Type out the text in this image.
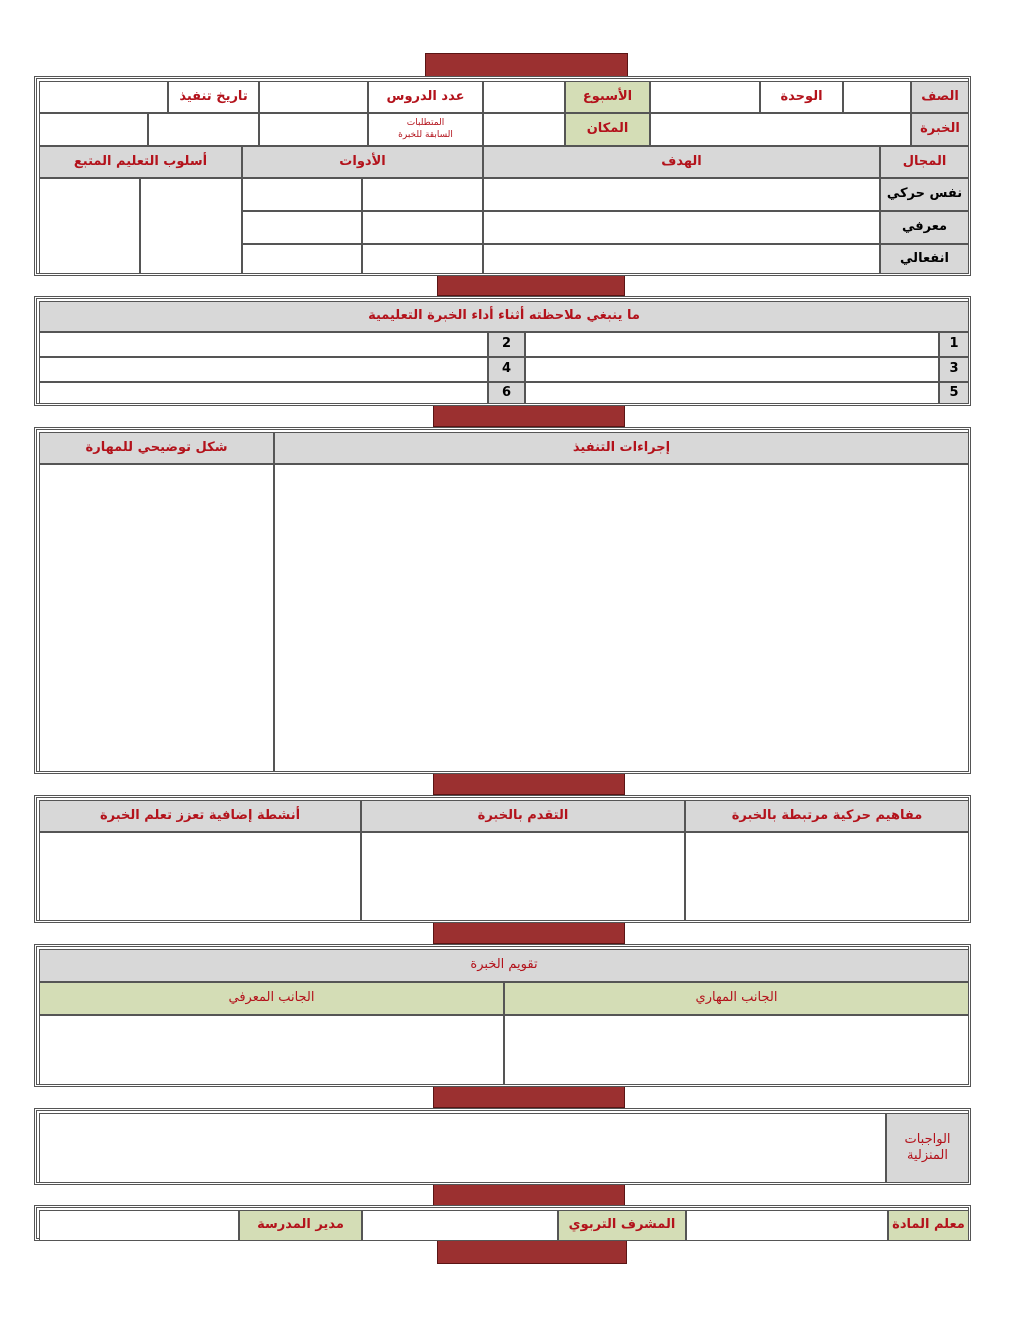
الصف
الوحدة
الأسبوع
عدد الدروس
تاريخ تنفيذ
الخبرة
المكان
المتطلبات السابقة للخبرة
المجال
الهدف
الأدوات
أسلوب التعليم المتبع
نفس حركي
معرفي
انفعالي
ما ينبغي ملاحظته أثناء أداء الخبرة التعليمية
1
2
3
4
5
6
إجراءات التنفيذ
شكل توضيحي للمهارة
مفاهيم حركية مرتبطة بالخبرة
التقدم بالخبرة
أنشطة إضافية تعزز تعلم الخبرة
تقويم الخبرة
الجانب المهاري
الجانب المعرفي
الواجبات المنزلية
معلم المادة
المشرف التربوي
مدير المدرسة
